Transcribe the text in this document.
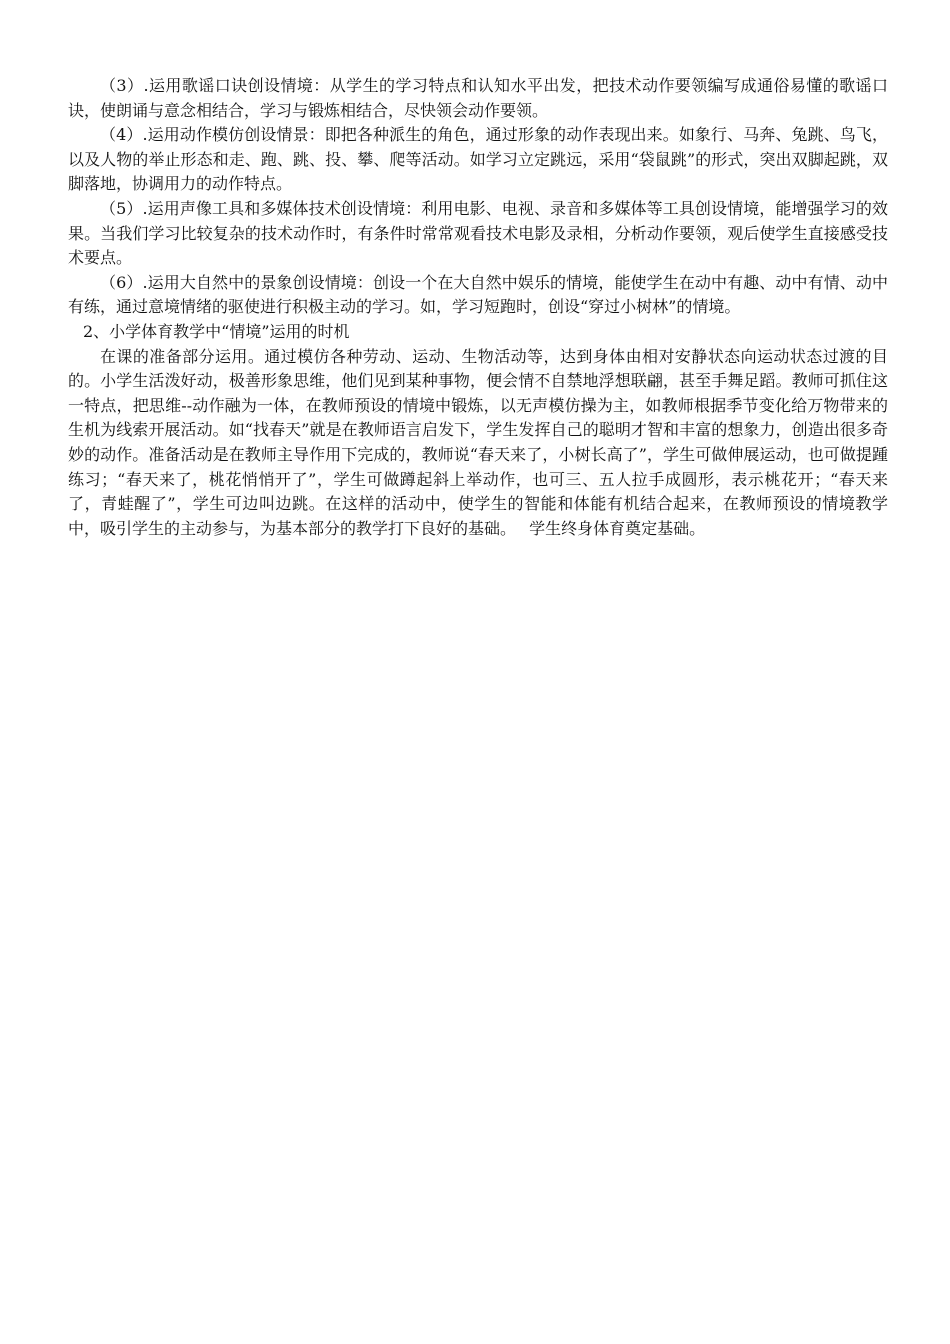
（3）.运用歌谣口诀创设情境：从学生的学习特点和认知水平出发，把技术动作要领编写成通俗易懂的歌谣口诀，使朗诵与意念相结合，学习与锻炼相结合，尽快领会动作要领。

（4）.运用动作模仿创设情景：即把各种派生的角色，通过形象的动作表现出来。如象行、马奔、兔跳、鸟飞，以及人物的举止形态和走、跑、跳、投、攀、爬等活动。如学习立定跳远，采用“袋鼠跳”的形式，突出双脚起跳，双脚落地，协调用力的动作特点。

（5）.运用声像工具和多媒体技术创设情境：利用电影、电视、录音和多媒体等工具创设情境，能增强学习的效果。当我们学习比较复杂的技术动作时，有条件时常常观看技术电影及录相，分析动作要领，观后使学生直接感受技术要点。

（6）.运用大自然中的景象创设情境：创设一个在大自然中娱乐的情境，能使学生在动中有趣、动中有情、动中有练，通过意境情绪的驱使进行积极主动的学习。如，学习短跑时，创设“穿过小树林”的情境。

2、小学体育教学中“情境”运用的时机

在课的准备部分运用。通过模仿各种劳动、运动、生物活动等，达到身体由相对安静状态向运动状态过渡的目的。小学生活泼好动，极善形象思维，他们见到某种事物，便会情不自禁地浮想联翩，甚至手舞足蹈。教师可抓住这一特点，把思维--动作融为一体，在教师预设的情境中锻炼，以无声模仿操为主，如教师根据季节变化给万物带来的生机为线索开展活动。如“找春天”就是在教师语言启发下，学生发挥自己的聪明才智和丰富的想象力，创造出很多奇妙的动作。准备活动是在教师主导作用下完成的，教师说“春天来了，小树长高了”，学生可做伸展运动，也可做提踵练习；“春天来了，桃花悄悄开了”，学生可做蹲起斜上举动作，也可三、五人拉手成圆形，表示桃花开；“春天来了，青蛙醒了”，学生可边叫边跳。在这样的活动中，使学生的智能和体能有机结合起来，在教师预设的情境教学中，吸引学生的主动参与，为基本部分的教学打下良好的基础。　 学生终身体育奠定基础。
